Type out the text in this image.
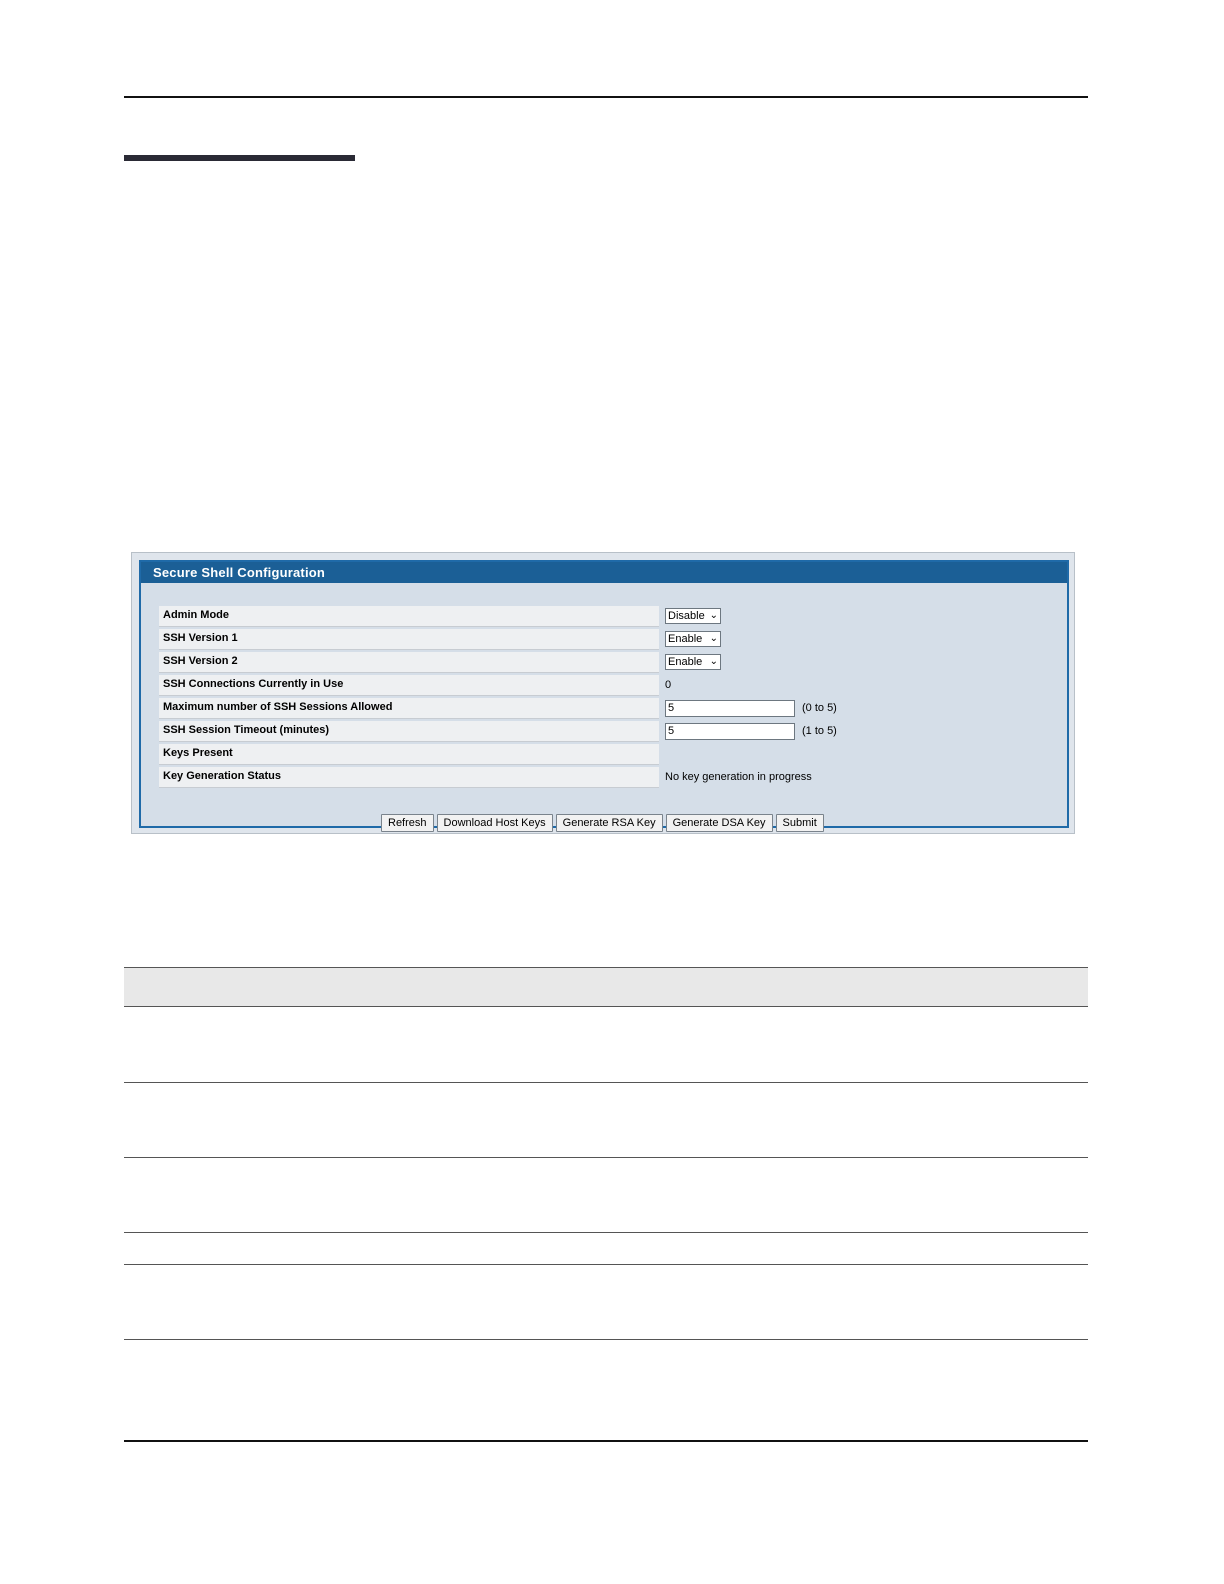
Secure Shell Configuration
Admin Mode	Disable ⌄
SSH Version 1	Enable ⌄
SSH Version 2	Enable ⌄
SSH Connections Currently in Use	0
Maximum number of SSH Sessions Allowed	5	(0 to 5)
SSH Session Timeout (minutes)	5	(1 to 5)
Keys Present
Key Generation Status	No key generation in progress
Refresh	Download Host Keys	Generate RSA Key	Generate DSA Key	Submit
